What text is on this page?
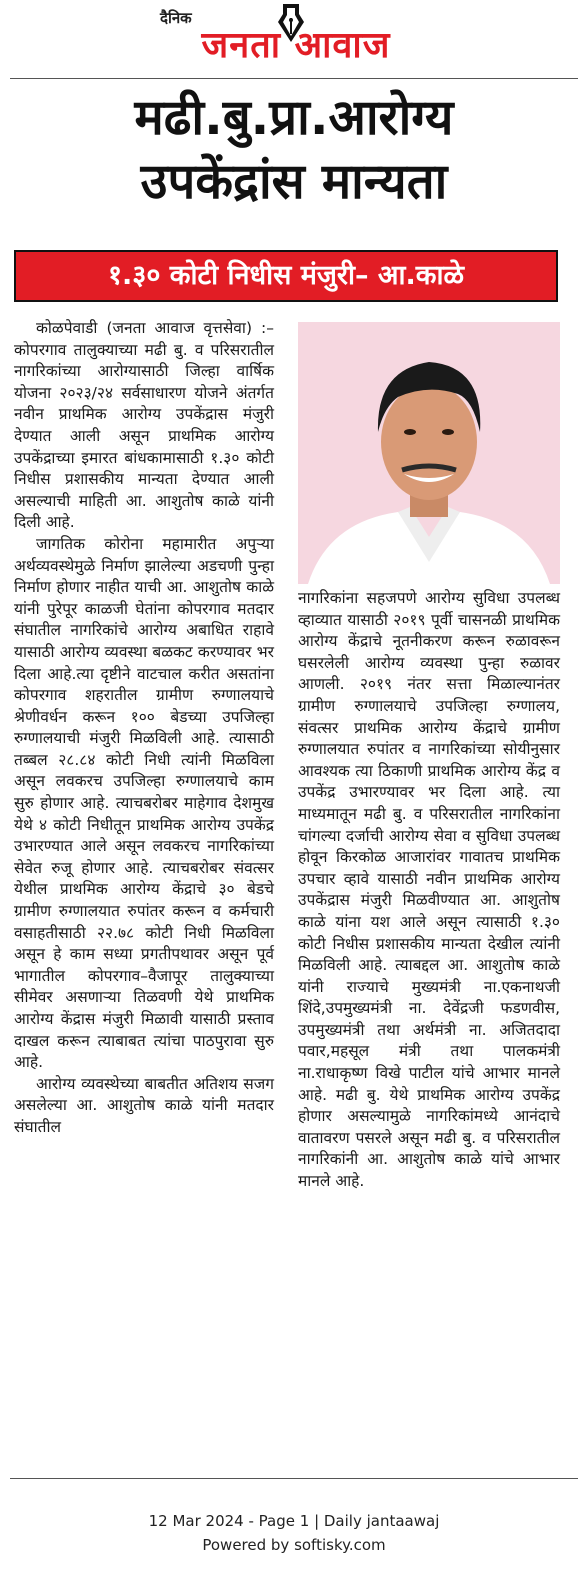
दैनिक
जनता आवाज
मढी.बु.प्रा.आरोग्य
उपकेंद्रांस मान्यता
१.३० कोटी निधीस मंजुरी– आ.काळे

कोळपेवाडी (जनता आवाज वृत्तसेवा) :– कोपरगाव तालुक्याच्या मढी बु. व परिसरातील नागरिकांच्या आरोग्यासाठी जिल्हा वार्षिक योजना २०२३/२४ सर्वसाधारण योजने अंतर्गत नवीन प्राथमिक आरोग्य उपकेंद्रास मंजुरी देण्यात आली असून प्राथमिक आरोग्य उपकेंद्राच्या इमारत बांधकामासाठी १.३० कोटी निधीस प्रशासकीय मान्यता देण्यात आली असल्याची माहिती आ. आशुतोष काळे यांनी दिली आहे.

जागतिक कोरोना महामारीत अपुऱ्या अर्थव्यवस्थेमुळे निर्माण झालेल्या अडचणी पुन्हा निर्माण होणार नाहीत याची आ. आशुतोष काळे यांनी पुरेपूर काळजी घेतांना कोपरगाव मतदार संघातील नागरिकांचे आरोग्य अबाधित राहावे यासाठी आरोग्य व्यवस्था बळकट करण्यावर भर दिला आहे.त्या दृष्टीने वाटचाल करीत असतांना कोपरगाव शहरातील ग्रामीण रुग्णालयाचे श्रेणीवर्धन करून १०० बेडच्या उपजिल्हा रुग्णालयाची मंजुरी मिळविली आहे. त्यासाठी तब्बल २८.८४ कोटी निधी त्यांनी मिळविला असून लवकरच उपजिल्हा रुग्णालयाचे काम सुरु होणार आहे. त्याचबरोबर माहेगाव देशमुख येथे ४ कोटी निधीतून प्राथमिक आरोग्य उपकेंद्र उभारण्यात आले असून लवकरच नागरिकांच्या सेवेत रुजू होणार आहे. त्याचबरोबर संवत्सर येथील प्राथमिक आरोग्य केंद्राचे ३० बेडचे ग्रामीण रुग्णालयात रुपांतर करून व कर्मचारी वसाहतीसाठी २२.७८ कोटी निधी मिळविला असून हे काम सध्या प्रगतीपथावर असून पूर्व भागातील कोपरगाव–वैजापूर तालुक्याच्या सीमेवर असणाऱ्या तिळवणी येथे प्राथमिक आरोग्य केंद्रास मंजुरी मिळावी यासाठी प्रस्ताव दाखल करून त्याबाबत त्यांचा पाठपुरावा सुरु आहे.

आरोग्य व्यवस्थेच्या बाबतीत अतिशय सजग असलेल्या आ. आशुतोष काळे यांनी मतदार संघातील

नागरिकांना सहजपणे आरोग्य सुविधा उपलब्ध व्हाव्यात यासाठी २०१९ पूर्वी चासनळी प्राथमिक आरोग्य केंद्राचे नूतनीकरण करून रुळावरून घसरलेली आरोग्य व्यवस्था पुन्हा रुळावर आणली. २०१९ नंतर सत्ता मिळाल्यानंतर ग्रामीण रुग्णालयाचे उपजिल्हा रुग्णालय, संवत्सर प्राथमिक आरोग्य केंद्राचे ग्रामीण रुग्णालयात रुपांतर व नागरिकांच्या सोयीनुसार आवश्यक त्या ठिकाणी प्राथमिक आरोग्य केंद्र व उपकेंद्र उभारण्यावर भर दिला आहे. त्या माध्यमातून मढी बु. व परिसरातील नागरिकांना चांगल्या दर्जाची आरोग्य सेवा व सुविधा उपलब्ध होवून किरकोळ आजारांवर गावातच प्राथमिक उपचार व्हावे यासाठी नवीन प्राथमिक आरोग्य उपकेंद्रास मंजुरी मिळवीण्यात आ. आशुतोष काळे यांना यश आले असून त्यासाठी १.३० कोटी निधीस प्रशासकीय मान्यता देखील त्यांनी मिळविली आहे. त्याबद्दल आ. आशुतोष काळे यांनी राज्याचे मुख्यमंत्री ना.एकनाथजी शिंदे,उपमुख्यमंत्री ना. देवेंद्रजी फडणवीस, उपमुख्यमंत्री तथा अर्थमंत्री ना. अजितदादा पवार,महसूल मंत्री तथा पालकमंत्री ना.राधाकृष्ण विखे पाटील यांचे आभार मानले आहे. मढी बु. येथे प्राथमिक आरोग्य उपकेंद्र होणार असल्यामुळे नागरिकांमध्ये आनंदाचे वातावरण पसरले असून मढी बु. व परिसरातील नागरिकांनी आ. आशुतोष काळे यांचे आभार मानले आहे.

12 Mar 2024 - Page 1 | Daily jantaawaj
Powered by softisky.com
